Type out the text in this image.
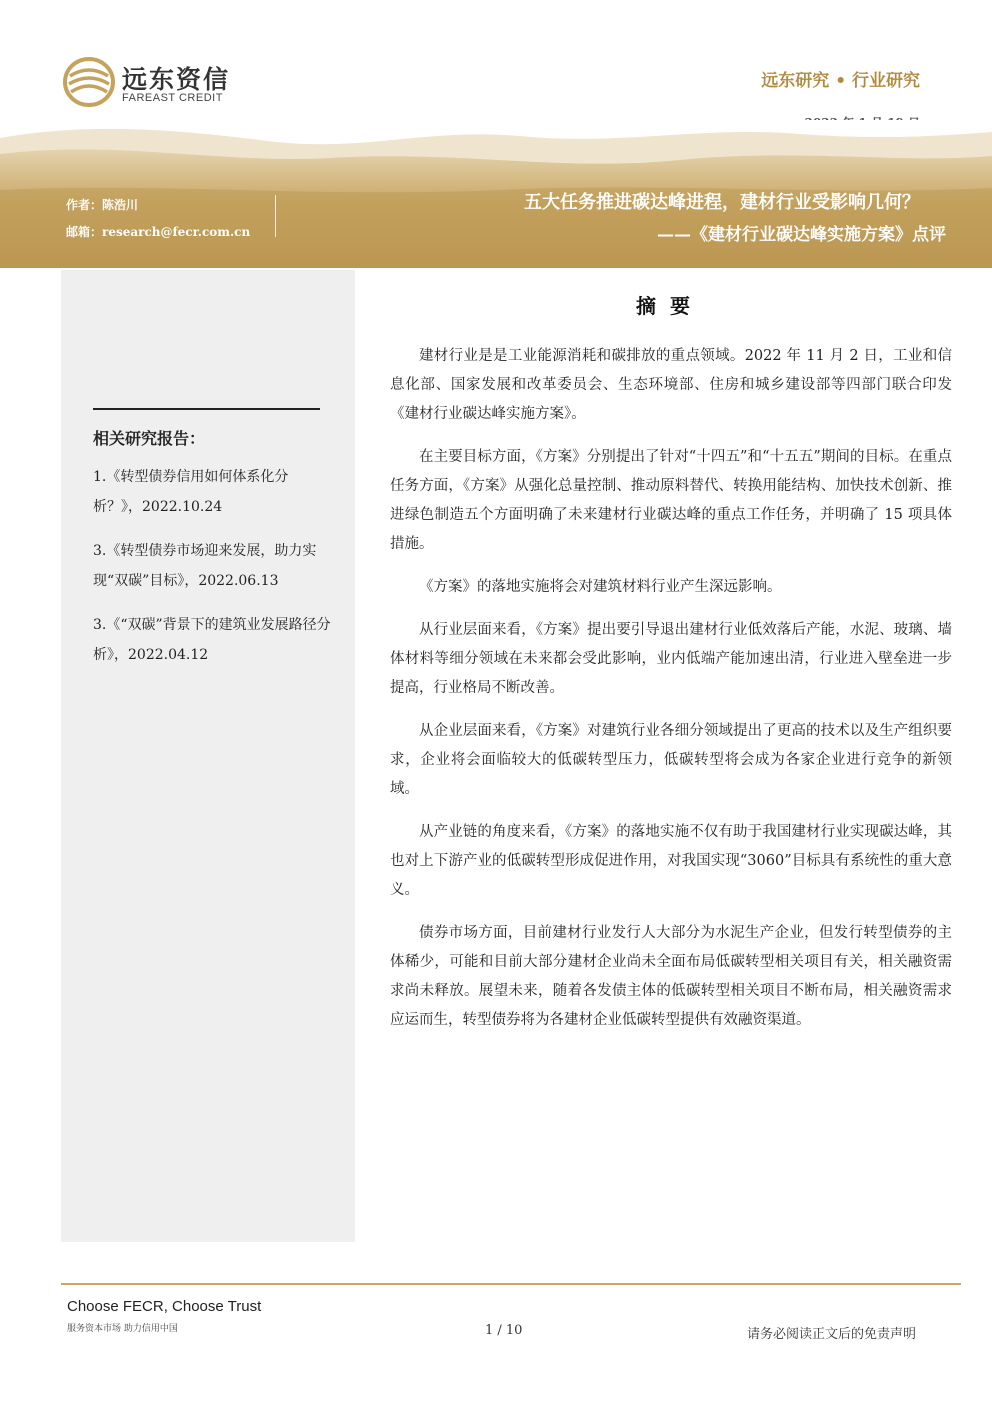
远东资信
FAREAST CREDIT
远东研究 • 行业研究
作者：陈浩川
邮箱：research@fecr.com.cn
五大任务推进碳达峰进程，建材行业受影响几何？
——《建材行业碳达峰实施方案》点评
相关研究报告：
1.《转型债券信用如何体系化分析？》，2022.10.24
3.《转型债券市场迎来发展，助力实现“双碳”目标》，2022.06.13
3.《“双碳”背景下的建筑业发展路径分析》，2022.04.12
摘要

建材行业是是工业能源消耗和碳排放的重点领域。2022 年 11 月 2 日，工业和信息化部、国家发展和改革委员会、生态环境部、住房和城乡建设部等四部门联合印发《建材行业碳达峰实施方案》。

在主要目标方面，《方案》分别提出了针对“十四五”和“十五五”期间的目标。在重点任务方面，《方案》从强化总量控制、推动原料替代、转换用能结构、加快技术创新、推进绿色制造五个方面明确了未来建材行业碳达峰的重点工作任务，并明确了 15 项具体措施。

《方案》的落地实施将会对建筑材料行业产生深远影响。

从行业层面来看，《方案》提出要引导退出建材行业低效落后产能，水泥、玻璃、墙体材料等细分领域在未来都会受此影响，业内低端产能加速出清，行业进入壁垒进一步提高，行业格局不断改善。

从企业层面来看，《方案》对建筑行业各细分领域提出了更高的技术以及生产组织要求，企业将会面临较大的低碳转型压力，低碳转型将会成为各家企业进行竞争的新领域。

从产业链的角度来看，《方案》的落地实施不仅有助于我国建材行业实现碳达峰，其也对上下游产业的低碳转型形成促进作用，对我国实现“3060”目标具有系统性的重大意义。

债券市场方面，目前建材行业发行人大部分为水泥生产企业，但发行转型债券的主体稀少，可能和目前大部分建材企业尚未全面布局低碳转型相关项目有关，相关融资需求尚未释放。展望未来，随着各发债主体的低碳转型相关项目不断布局，相关融资需求应运而生，转型债券将为各建材企业低碳转型提供有效融资渠道。

Choose FECR, Choose Trust
服务资本市场 助力信用中国	1 / 10	请务必阅读正文后的免责声明
